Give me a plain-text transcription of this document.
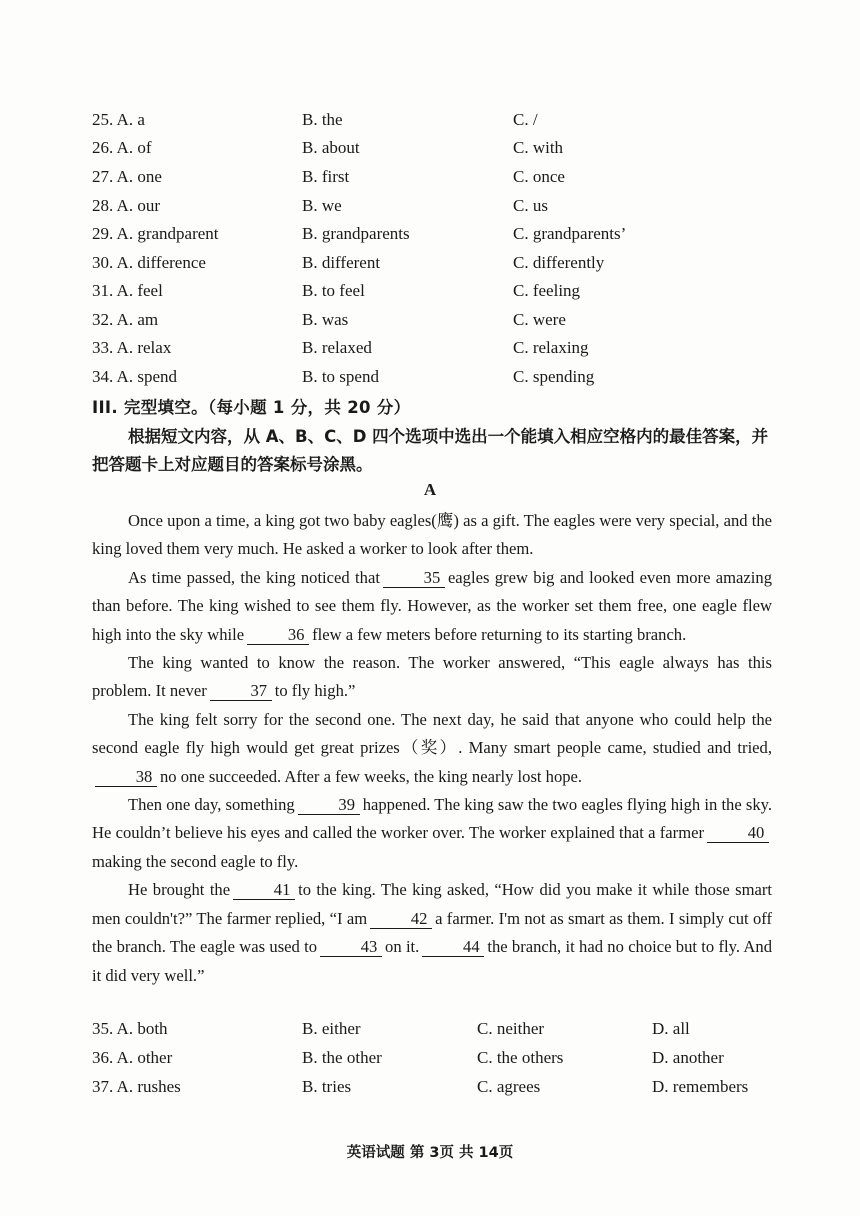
25. A. a	B. the	C. /
26. A. of	B. about	C. with
27. A. one	B. first	C. once
28. A. our	B. we	C. us
29. A. grandparent	B. grandparents	C. grandparents’
30. A. difference	B. different	C. differently
31. A. feel	B. to feel	C. feeling
32. A. am	B. was	C. were
33. A. relax	B. relaxed	C. relaxing
34. A. spend	B. to spend	C. spending
III. 完型填空。（每小题 1 分，共 20 分）
根据短文内容，从 A、B、C、D 四个选项中选出一个能填入相应空格内的最佳答案，并把答题卡上对应题目的答案标号涂黑。
A

Once upon a time, a king got two baby eagles(鹰) as a gift. The eagles were very special, and the king loved them very much. He asked a worker to look after them.

As time passed, the king noticed that	35 eagles grew big and looked even more amazing than before. The king wished to see them fly. However, as the worker set them free, one eagle flew high into the sky while	36 flew a few meters before returning to its starting branch.

The king wanted to know the reason. The worker answered, “This eagle always has this problem. It never	37 to fly high.”

The king felt sorry for the second one. The next day, he said that anyone who could help the second eagle fly high would get great prizes（奖）. Many smart people came, studied and tried,38 no one succeeded. After a few weeks, the king nearly lost hope.

Then one day, something	39 happened. The king saw the two eagles flying high in the sky. He couldn’t believe his eyes and called the worker over. The worker explained that a farmer	40making the second eagle to fly.

He brought the	41 to the king. The king asked, “How did you make it while those smart men couldn't?” The farmer replied, “I am	42 a farmer. I'm not as smart as them. I simply cut off the branch. The eagle was used to	43 on it.	44 the branch, it had no choice but to fly. And it did very well.”

35. A. both	B. either	C. neither	D. all
36. A. other	B. the other	C. the others	D. another
37. A. rushes	B. tries	C. agrees	D. remembers
英语试题 第 3页 共 14页
